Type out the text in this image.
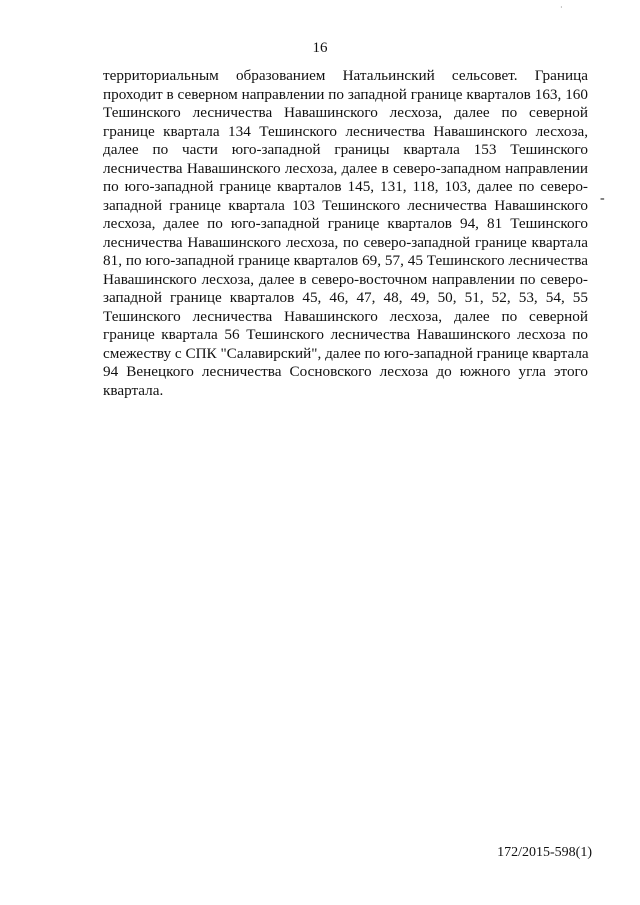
·
16
территориальным образованием Натальинский сельсовет. Граница
проходит в северном направлении по западной границе кварталов 163, 160
Тешинского лесничества Навашинского лесхоза, далее по северной
границе квартала 134 Тешинского лесничества Навашинского лесхоза,
далее по части юго-западной границы квартала 153 Тешинского
лесничества Навашинского лесхоза, далее в северо-западном направлении
по юго-западной границе кварталов 145, 131, 118, 103, далее по северо-
западной границе квартала 103 Тешинского лесничества Навашинского
лесхоза, далее по юго-западной границе кварталов 94, 81 Тешинского
лесничества Навашинского лесхоза, по северо-западной границе квартала
81, по юго-западной границе кварталов 69, 57, 45 Тешинского лесничества
Навашинского лесхоза, далее в северо-восточном направлении по северо-
западной границе кварталов 45, 46, 47, 48, 49, 50, 51, 52, 53, 54, 55
Тешинского лесничества Навашинского лесхоза, далее по северной
границе квартала 56 Тешинского лесничества Навашинского лесхоза по
смежеству с СПК "Салавирский", далее по юго-западной границе квартала
94 Венецкого лесничества Сосновского лесхоза до южного угла этого
квартала.
-
172/2015-598(1)
